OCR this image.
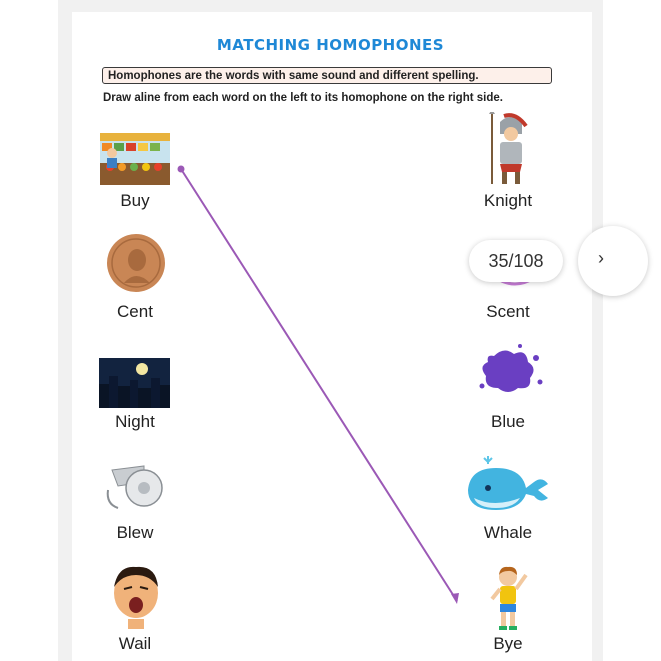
MATCHING HOMOPHONES
Homophones are the words with same sound and different spelling.
Draw aline from each word on the left to its homophone on the right side.
Buy
Cent
Night
Blew
Wail
Knight
Scent
Blue
Whale
Bye
35/108	›
